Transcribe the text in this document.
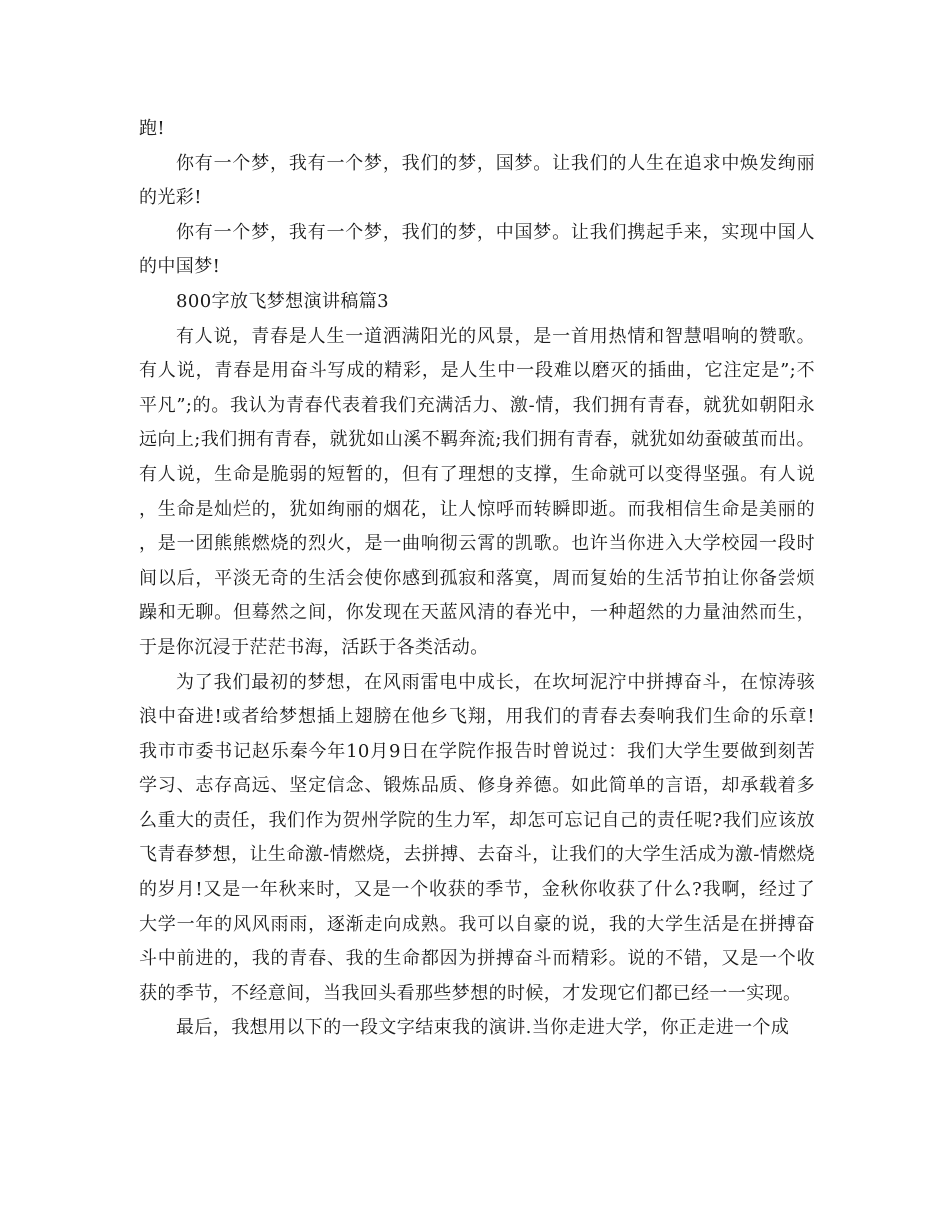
跑!

你有一个梦，我有一个梦，我们的梦，国梦。让我们的人生在追求中焕发绚丽的光彩!

你有一个梦，我有一个梦，我们的梦，中国梦。让我们携起手来，实现中国人的中国梦!

800字放飞梦想演讲稿篇3

有人说，青春是人生一道洒满阳光的风景，是一首用热情和智慧唱响的赞歌。有人说，青春是用奋斗写成的精彩，是人生中一段难以磨灭的插曲，它注定是”;不平凡”;的。我认为青春代表着我们充满活力、激-情，我们拥有青春，就犹如朝阳永远向上;我们拥有青春，就犹如山溪不羁奔流;我们拥有青春，就犹如幼蚕破茧而出。有人说，生命是脆弱的短暂的，但有了理想的支撑，生命就可以变得坚强。有人说，生命是灿烂的，犹如绚丽的烟花，让人惊呼而转瞬即逝。而我相信生命是美丽的，是一团熊熊燃烧的烈火，是一曲响彻云霄的凯歌。也许当你进入大学校园一段时间以后，平淡无奇的生活会使你感到孤寂和落寞，周而复始的生活节拍让你备尝烦躁和无聊。但蓦然之间，你发现在天蓝风清的春光中，一种超然的力量油然而生，于是你沉浸于茫茫书海，活跃于各类活动。

为了我们最初的梦想，在风雨雷电中成长，在坎坷泥泞中拼搏奋斗，在惊涛骇浪中奋进!或者给梦想插上翅膀在他乡飞翔，用我们的青春去奏响我们生命的乐章!我市市委书记赵乐秦今年10月9日在学院作报告时曾说过：我们大学生要做到刻苦学习、志存高远、坚定信念、锻炼品质、修身养德。如此简单的言语，却承载着多么重大的责任，我们作为贺州学院的生力军，却怎可忘记自己的责任呢?我们应该放飞青春梦想，让生命激-情燃烧，去拼搏、去奋斗，让我们的大学生活成为激-情燃烧的岁月!又是一年秋来时，又是一个收获的季节，金秋你收获了什么?我啊，经过了大学一年的风风雨雨，逐渐走向成熟。我可以自豪的说，我的大学生活是在拼搏奋斗中前进的，我的青春、我的生命都因为拼搏奋斗而精彩。说的不错，又是一个收获的季节，不经意间，当我回头看那些梦想的时候，才发现它们都已经一一实现。

最后，我想用以下的一段文字结束我的演讲.当你走进大学，你正走进一个成
